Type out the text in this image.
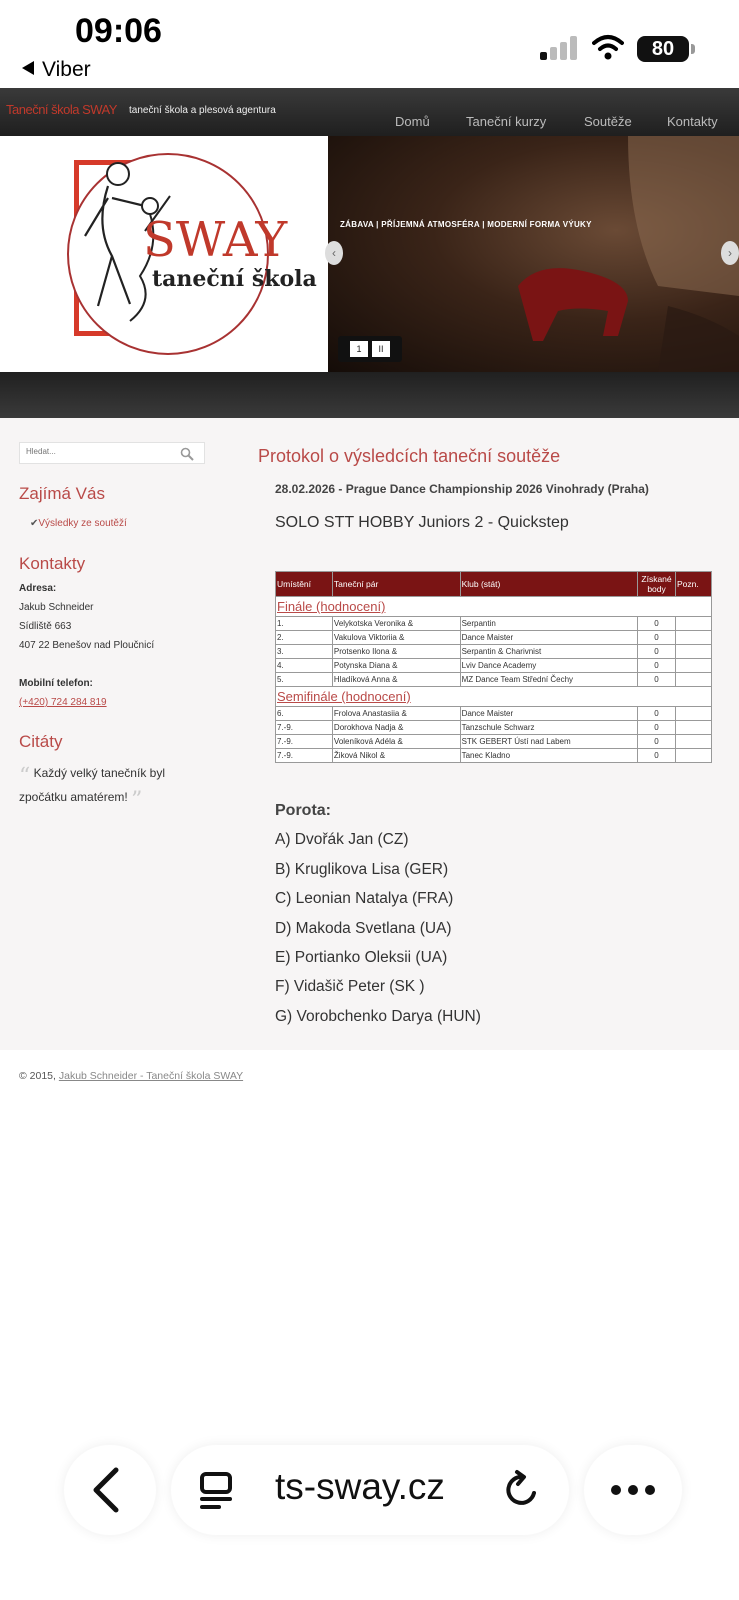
09:06
Viber
80
Taneční škola SWAY taneční škola a plesová agentura
Domů	Taneční kurzy	Soutěže	Kontakty
SWAY
taneční škola
ZÁBAVA | PŘÍJEMNÁ ATMOSFÉRA | MODERNÍ FORMA VÝUKY
1	II
‹	›
Hledat...
Zajímá Vás
✔Výsledky ze soutěží
Kontakty
Adresa:
Jakub Schneider
Sídliště 663
407 22 Benešov nad Ploučnicí
Mobilní telefon:
(+420) 724 284 819
Citáty
“ Každý velký tanečník byl zpočátku amatérem! ”
Protokol o výsledcích taneční soutěže
28.02.2026 - Prague Dance Championship 2026 Vinohrady (Praha)
SOLO STT HOBBY Juniors 2 - Quickstep
Umístění	Taneční pár	Klub (stát)	Získané body	Pozn.
Finále (hodnocení)				
1.	Velykotska Veronika &	Serpantin	0	
2.	Vakulova Viktoriia &	Dance Maister	0	
3.	Protsenko Ilona &	Serpantin & Charivnist	0	
4.	Potynska Diana &	Lviv Dance Academy	0	
5.	Hladíková Anna &	MZ Dance Team Střední Čechy	0	
Semifinále (hodnocení)				
6.	Frolova Anastasiia &	Dance Maister	0	
7.-9.	Dorokhova Nadja &	Tanzschule Schwarz	0	
7.-9.	Voleníková Adéla &	STK GEBERT Ústí nad Labem	0	
7.-9.	Žiková Nikol &	Tanec Kladno	0	
Porota:
A) Dvořák Jan (CZ)
B) Kruglikova Lisa (GER)
C) Leonian Natalya (FRA)
D) Makoda Svetlana (UA)
E) Portianko Oleksii (UA)
F) Vidašič Peter (SK )
G) Vorobchenko Darya (HUN)
© 2015, Jakub Schneider - Taneční škola SWAY
ts-sway.cz
